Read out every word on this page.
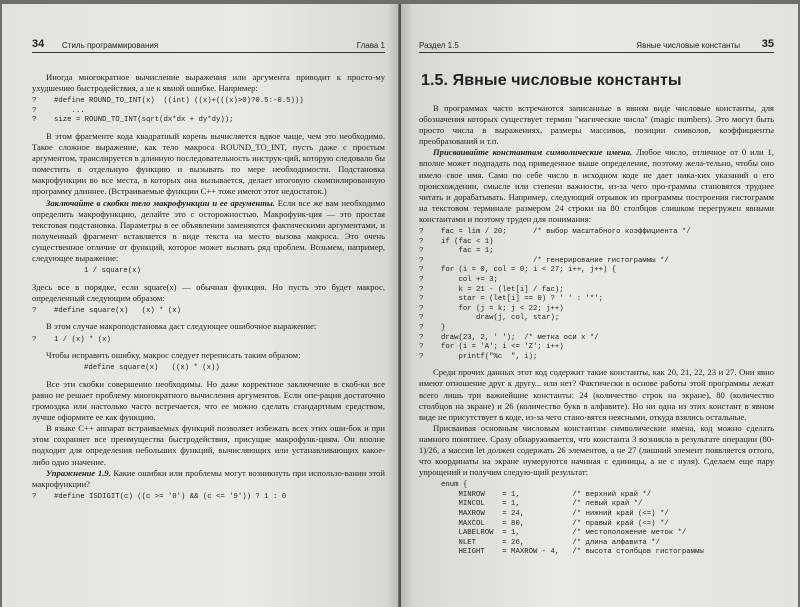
34 Стиль программирования	Глава 1

Иногда многократное вычисление выражения или аргумента приводит к просто-му ухудшению быстродействия, а не к явной ошибке. Например:

?	#define ROUND_TO_INT(x)  ((int) ((x)+(((x)>0)?0.5:-0.5)))
?	...
?	size = ROUND_TO_INT(sqrt(dx*dx + dy*dy));

В этом фрагменте кода квадратный корень вычисляется вдвое чаще, чем это необходимо. Такое сложное выражение, как тело макроса ROUND_TO_INT, пусть даже с простым аргументом, транслируется в длинную последовательность инструк-ций, которую следовало бы поместить в отдельную функцию и вызывать по мере необходимости. Подстановка макрофункции во все места, в которых она вызывается, делает итоговую скомпилированную программу длиннее. (Встраиваемые функции C++ тоже имеют этот недостаток.)

Заключайте в скобки тело макрофункции и ее аргументы. Если все же вам необходимо определить макрофункцию, делайте это с осторожностью. Макрофунк-ция — это простая текстовая подстановка. Параметры в ее объявлении заменяются фактическими аргументами, и полученный фрагмент вставляется в виде текста на место вызова макроса. Это очень существенное отличие от функций, которое может вызвать ряд проблем. Возьмем, например, следующее выражение:

1 / square(x)

Здесь все в порядке, если square(x) — обычная функция. Но пусть это будет макрос, определенный следующим образом:

?	#define square(x)   (x) * (x)

В этом случае макроподстановка даст следующее ошибочное выражение:

?	1 / (x) * (x)

Чтобы исправить ошибку, макрос следует переписать таким образом:

#define square(x)   ((x) * (x))

Все эти скобки совершенно необходимы. Но даже корректное заключение в скоб-ки все равно не решает проблему многократного вычисления аргументов. Если опе-рация достаточно громоздка или настолько часто встречается, что ее можно сделать стандартным средством, лучше оформите ее как функцию.

В языке C++ аппарат встраиваемых функций позволяет избежать всех этих оши-бок и при этом сохраняет все преимущества быстродействия, присущие макрофунк-циям. Он вполне подходит для определения небольших функций, вычисляющих или устанавливающих какое-либо одно значение.

Упражнение 1.9. Какие ошибки или проблемы могут возникнуть при использо-вании этой макрофункции?

?	#define ISDIGIT(c) ((c >= '0') && (c <= '9')) ? 1 : 0
Раздел 1.5	Явные числовые константы 35
1.5. Явные числовые константы

В программах часто встречаются записанные в явном виде числовые константы, для обозначения которых существует термин "магические числа" (magic numbers). Это могут быть просто числа в выражениях, размеры массивов, позиции символов, коэффициенты преобразований и т.п.

Присваивайте константам символические имена. Любое число, отличное от 0 или 1, вполне может подпадать под приведенное выше определение, поэтому жела-тельно, чтобы оно имело свое имя. Само по себе число в исходном коде не дает ника-ких указаний о его происхождении, смысле или степени важности, из-за чего про-граммы становятся труднее читать и дорабатывать. Например, следующий отрывок из программы построения гистограмм на текстовом терминале размером 24 строки на 80 столбцов слишком перегружен явными константами и поэтому труден для понимания:

?	fac = lim / 20;      /* выбор масштабного коэффициента */
?	if (fac < 1)
?	fac = 1;
?	/* генерирование гистограммы */
?	for (i = 0, col = 0; i < 27; i++, j++) {
?	col += 3;
?	k = 21 - (let[i] / fac);
?	star = (let[i] == 0) ? ' ' : '*';
?	for (j = k; j < 22; j++)
?	draw(j, col, star);
?	}
?	draw(23, 2, ' ');  /* метка оси x */
?	for (i = 'A'; i <= 'Z'; i++)
?	printf("%c  ", i);

Среди прочих данных этот код содержит такие константы, как 20, 21, 22, 23 и 27. Они явно имеют отношение друг к другу... или нет? Фактически в основе работы этой программы лежат всего лишь три важнейшие константы: 24 (количество строк на экране), 80 (количество столбцов на экране) и 26 (количество букв в алфавите). Но ни одна из этих констант в явном виде не присутствует в коде, из-за чего стано-вятся неясными, откуда взялись остальные.

Присваивая основным числовым константам символические имена, код можно сделать намного понятнее. Сразу обнаруживается, что константа 3 возникла в результате операции (80-1)/26, а массив let должен содержать 26 элементов, а не 27 (лишний элемент появляется оттого, что координаты на экране нумеруются начиная с единицы, а не с нуля). Сделаем еще пару упрощений и получим следую-щий результат:

enum {
MINROW    = 1,            /* верхний край */
MINCOL    = 1,            /* левый край */
MAXROW    = 24,           /* нижний край (<=) */
MAXCOL    = 80,           /* правый край (<=) */
LABELROW  = 1,            /* местоположение меток */
NLET      = 26,           /* длина алфавита */
HEIGHT    = MAXROW - 4,   /* высота столбцов гистограммы
